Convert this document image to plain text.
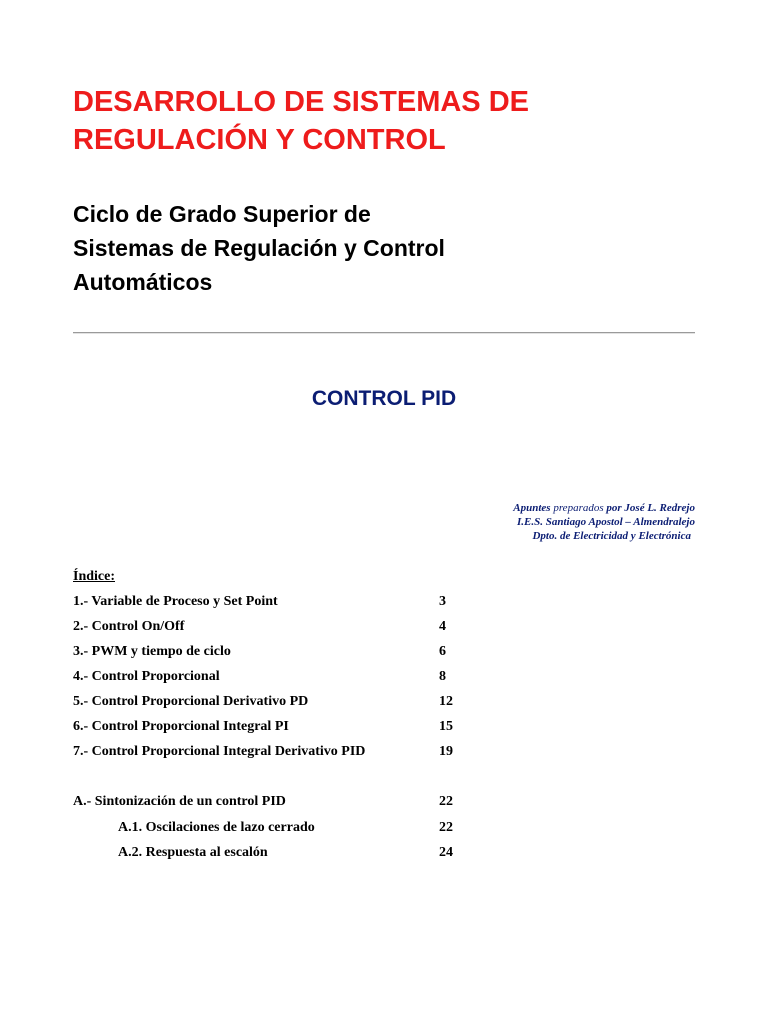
DESARROLLO DE SISTEMAS DE
REGULACIÓN Y CONTROL
Ciclo de Grado Superior de
Sistemas de Regulación y Control
Automáticos
CONTROL PID
Apuntes preparados por José L. Redrejo
I.E.S. Santiago Apostol – Almendralejo
Dpto. de Electricidad y Electrónica
Índice:
1.- Variable de Proceso y Set Point	3
2.- Control On/Off	4
3.- PWM y tiempo de ciclo	6
4.- Control Proporcional	8
5.- Control Proporcional Derivativo PD	12
6.- Control Proporcional Integral PI	15
7.- Control Proporcional Integral Derivativo PID	19
A.- Sintonización de un control PID	22
A.1. Oscilaciones de lazo cerrado	22
A.2. Respuesta al escalón	24
